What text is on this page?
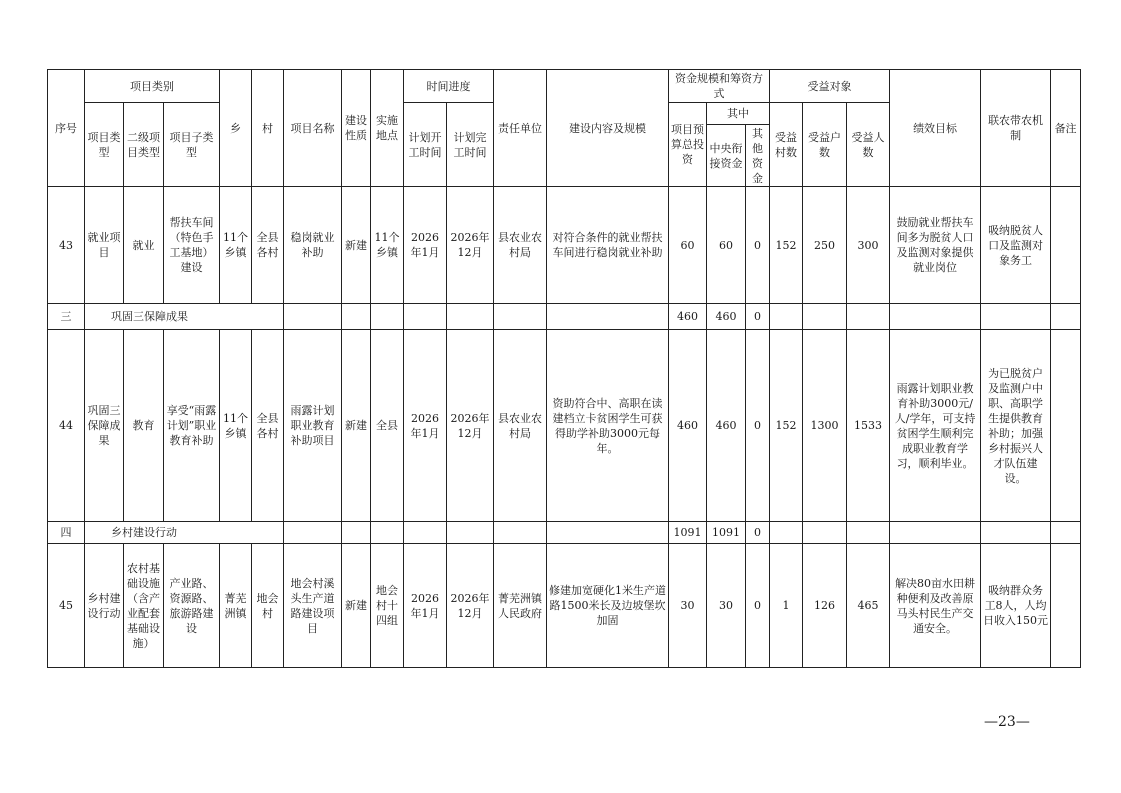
序号	项目类别			乡	村	项目名称	建设性质	实施地点	时间进度		责任单位	建设内容及规模	资金规模和筹资方式			受益对象			绩效目标	联农带农机制	备注
	项目类型	二级项目类型	项目子类型						计划开工时间	计划完工时间			项目预算总投资	其中		受益村数	受益户数	受益人数			
														中央衔接资金	其他资金						
43	就业项目	就业	帮扶车间（特色手工基地）建设	11个乡镇	全县各村	稳岗就业补助	新建	11个乡镇	2026年1月	2026年12月	县农业农村局	对符合条件的就业帮扶车间进行稳岗就业补助	60	60	0	152	250	300	鼓励就业帮扶车间多为脱贫人口及监测对象提供就业岗位	吸纳脱贫人口及监测对象务工	
三	巩固三保障成果												460	460	0						
44	巩固三保障成果	教育	享受“雨露计划”职业教育补助	11个乡镇	全县各村	雨露计划职业教育补助项目	新建	全县	2026年1月	2026年12月	县农业农村局	资助符合中、高职在读建档立卡贫困学生可获得助学补助3000元每年。	460	460	0	152	1300	1533	雨露计划职业教育补助3000元/人/学年，可支持贫困学生顺利完成职业教育学习，顺利毕业。	为已脱贫户及监测户中职、高职学生提供教育补助；加强乡村振兴人才队伍建设。	
四	乡村建设行动												1091	1091	0						
45	乡村建设行动	农村基础设施（含产业配套基础设施）	产业路、资源路、旅游路建设	菁芜洲镇	地会村	地会村溪头生产道路建设项目	新建	地会村十四组	2026年1月	2026年12月	菁芜洲镇人民政府	修建加宽硬化1米生产道路1500米长及边坡堡坎加固	30	30	0	1	126	465	解决80亩水田耕种便利及改善原马头村民生产交通安全。	吸纳群众务工8人，人均日收入150元	
—23—
